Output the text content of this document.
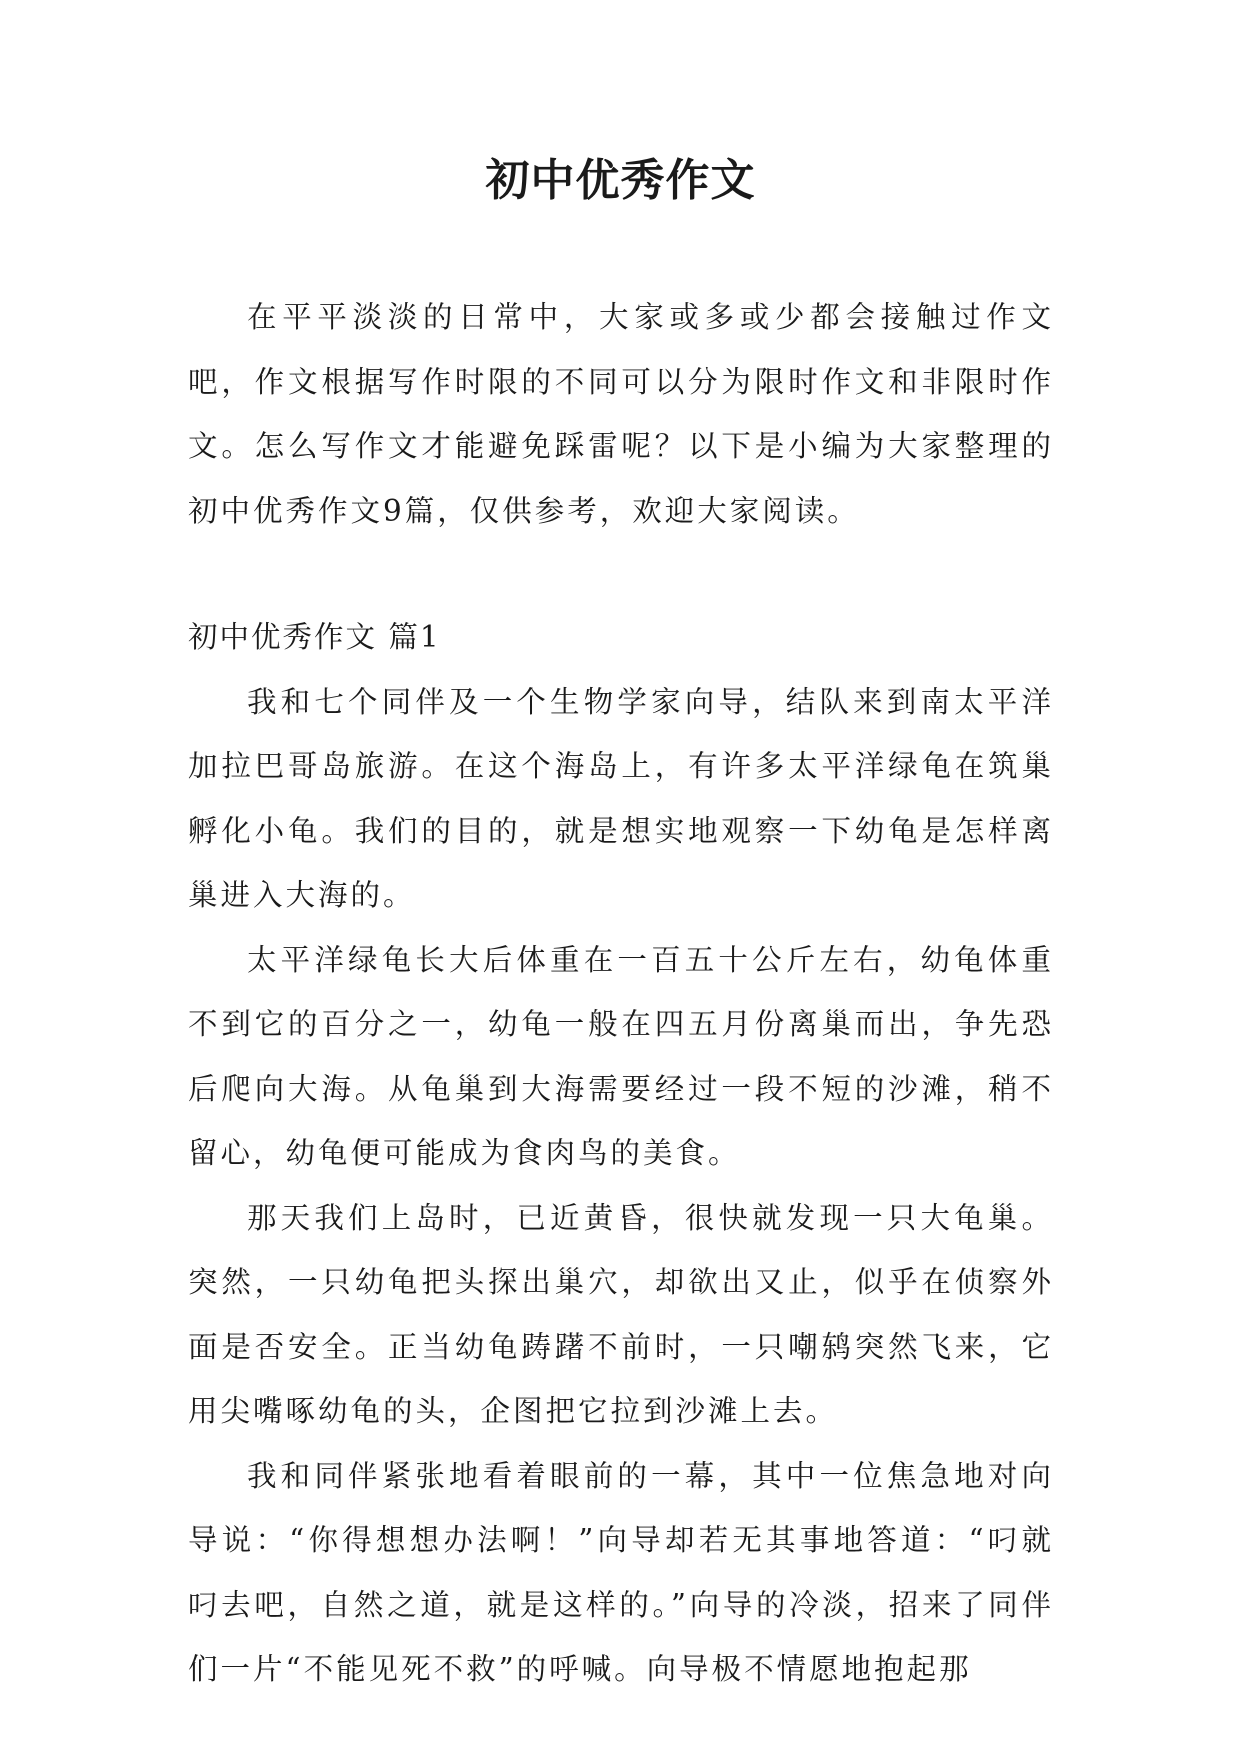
初中优秀作文

在平平淡淡的日常中，大家或多或少都会接触过作文吧，作文根据写作时限的不同可以分为限时作文和非限时作文。怎么写作文才能避免踩雷呢？以下是小编为大家整理的初中优秀作文9篇，仅供参考，欢迎大家阅读。

初中优秀作文 篇1

我和七个同伴及一个生物学家向导，结队来到南太平洋加拉巴哥岛旅游。在这个海岛上，有许多太平洋绿龟在筑巢孵化小龟。我们的目的，就是想实地观察一下幼龟是怎样离巢进入大海的。

太平洋绿龟长大后体重在一百五十公斤左右，幼龟体重不到它的百分之一，幼龟一般在四五月份离巢而出，争先恐后爬向大海。从龟巢到大海需要经过一段不短的沙滩，稍不留心，幼龟便可能成为食肉鸟的美食。

那天我们上岛时，已近黄昏，很快就发现一只大龟巢。突然，一只幼龟把头探出巢穴，却欲出又止，似乎在侦察外面是否安全。正当幼龟踌躇不前时，一只嘲鸫突然飞来，它用尖嘴啄幼龟的头，企图把它拉到沙滩上去。

我和同伴紧张地看着眼前的一幕，其中一位焦急地对向导说：“你得想想办法啊！”向导却若无其事地答道：“叼就叼去吧，自然之道，就是这样的。”向导的冷淡，招来了同伴们一片“不能见死不救”的呼喊。向导极不情愿地抱起那
